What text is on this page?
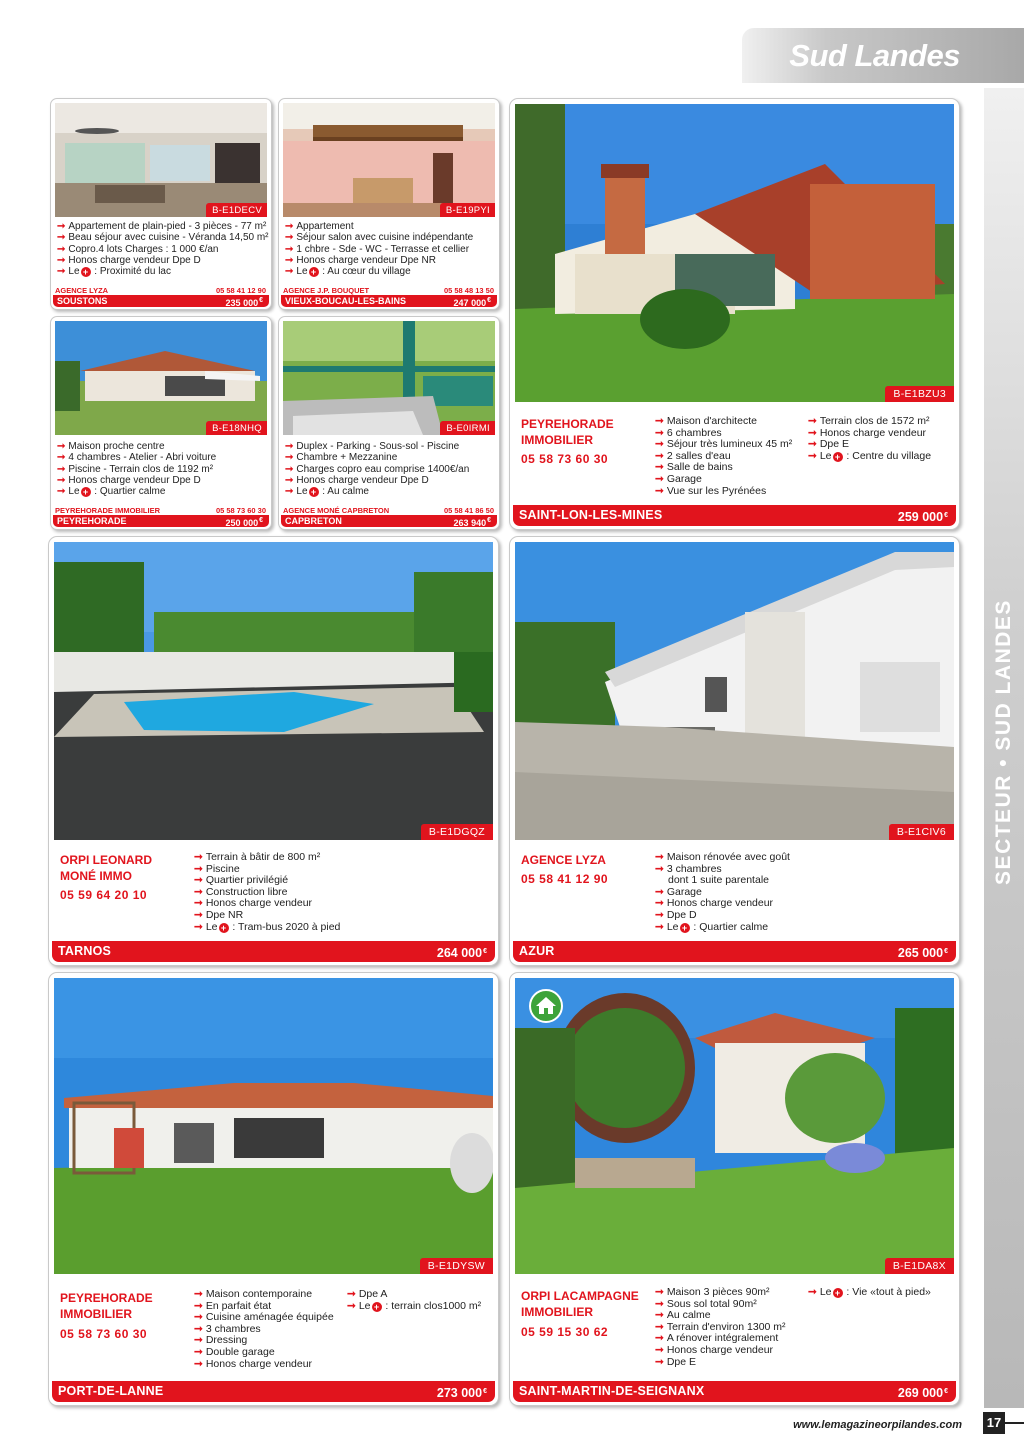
Sud Landes
SECTEUR • SUD LANDES
B-E1DECV
➞ Appartement de plain-pied - 3 pièces - 77 m²
➞ Beau séjour avec cuisine - Véranda 14,50 m²
➞ Copro.4 lots Charges : 1 000 €/an
➞ Honos charge vendeur Dpe D
➞ Le + : Proximité du lac
AGENCE LYZA	05 58 41 12 90
SOUSTONS	235 000€
B-E19PYI
➞ Appartement
➞ Séjour salon avec cuisine indépendante
➞ 1 chbre - Sde - WC - Terrasse et cellier
➞ Honos charge vendeur Dpe NR
➞ Le + : Au cœur du village
AGENCE J.P. BOUQUET	05 58 48 13 50
VIEUX-BOUCAU-LES-BAINS	247 000€
B-E18NHQ
➞ Maison proche centre
➞ 4 chambres - Atelier - Abri voiture
➞ Piscine - Terrain clos de 1192 m²
➞ Honos charge vendeur Dpe D
➞ Le + : Quartier calme
PEYREHORADE IMMOBILIER	05 58 73 60 30
PEYREHORADE	250 000€
B-E0IRMI
➞ Duplex - Parking - Sous-sol - Piscine
➞ Chambre + Mezzanine
➞ Charges copro eau comprise 1400€/an
➞ Honos charge vendeur Dpe D
➞ Le + : Au calme
AGENCE MONÉ CAPBRETON	05 58 41 86 50
CAPBRETON	263 940€
B-E1BZU3
PEYREHORADE IMMOBILIER
05 58 73 60 30
➞ Maison d'architecte
➞ 6 chambres
➞ Séjour très lumineux 45 m²
➞ 2 salles d'eau
➞ Salle de bains
➞ Garage
➞ Vue sur les Pyrénées
➞ Terrain clos de 1572 m²
➞ Honos charge vendeur
➞ Dpe E
➞ Le + : Centre du village
SAINT-LON-LES-MINES	259 000€
B-E1DGQZ
ORPI LEONARD MONÉ IMMO
05 59 64 20 10
➞ Terrain à bâtir de 800 m²
➞ Piscine
➞ Quartier privilégié
➞ Construction libre
➞ Honos charge vendeur
➞ Dpe NR
➞ Le + : Tram-bus 2020 à pied
TARNOS	264 000€
B-E1CIV6
AGENCE LYZA
05 58 41 12 90
➞ Maison rénovée avec goût
➞ 3 chambres
dont 1 suite parentale
➞ Garage
➞ Honos charge vendeur
➞ Dpe D
➞ Le + : Quartier calme
AZUR	265 000€
B-E1DYSW
PEYREHORADE IMMOBILIER
05 58 73 60 30
➞ Maison contemporaine
➞ En parfait état
➞ Cuisine aménagée équipée
➞ 3 chambres
➞ Dressing
➞ Double garage
➞ Honos charge vendeur
➞ Dpe A
➞ Le + : terrain clos1000 m²
PORT-DE-LANNE	273 000€
B-E1DA8X
ORPI LACAMPAGNE IMMOBILIER
05 59 15 30 62
➞ Maison 3 pièces 90m²
➞ Sous sol total 90m²
➞ Au calme
➞ Terrain d'environ 1300 m²
➞ A rénover intégralement
➞ Honos charge vendeur
➞ Dpe E
➞ Le + : Vie «tout à pied»
SAINT-MARTIN-DE-SEIGNANX	269 000€
www.lemagazineorpilandes.com 17
